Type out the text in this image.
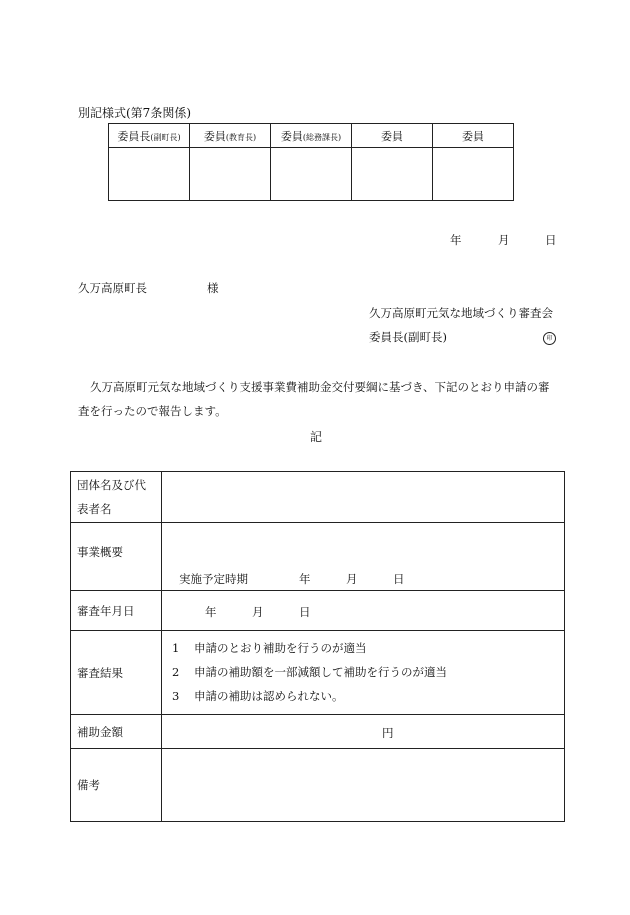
別記様式(第7条関係)
委員長(副町長)	委員(教育長)	委員(総務課長)	委員	委員

年	月	日
久万高原町長	様
久万高原町元気な地域づくり審査会
委員長(副町長)	印
久万高原町元気な地域づくり支援事業費補助金交付要綱に基づき、下記のとおり申請の審
査を行ったので報告します。
記
団体名及び代
表者名	

事業概要	実施予定時期 年 月 日

審査年月日	年 月 日

審査結果	1 申請のとおり補助を行うのが適当
2 申請の補助額を一部減額して補助を行うのが適当
3 申請の補助は認められない。

補助金額	円

備考	
